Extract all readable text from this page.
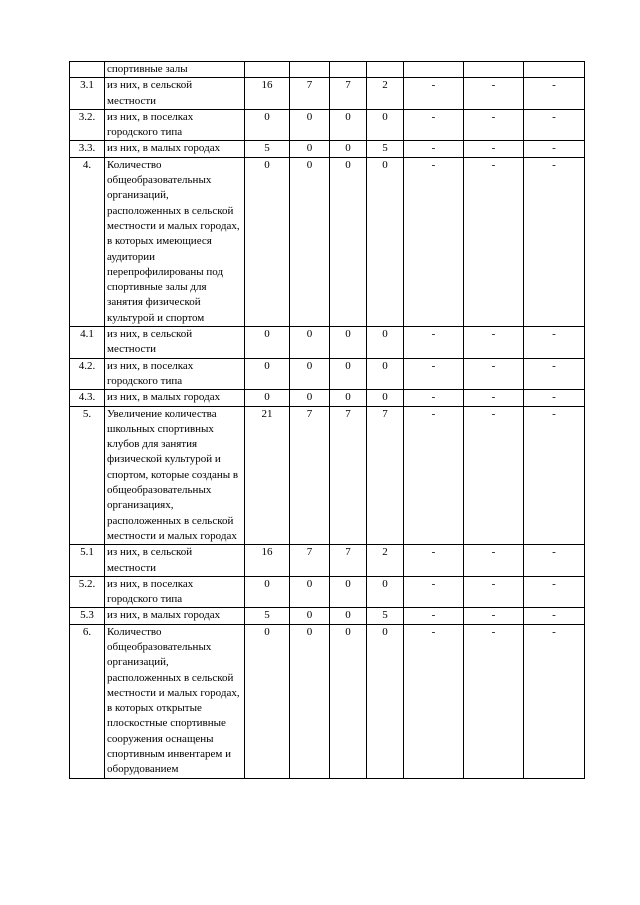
	спортивные залы							
3.1	из них, в сельской местности	16	7	7	2	-	-	-
3.2.	из них, в поселках городского типа	0	0	0	0	-	-	-
3.3.	из них, в малых городах	5	0	0	5	-	-	-
4.	Количество общеобразовательных организаций, расположенных в сельской местности и малых городах, в которых имеющиеся аудитории перепрофилированы под спортивные залы для занятия физической культурой и спортом	0	0	0	0	-	-	-
4.1	из них, в сельской местности	0	0	0	0	-	-	-
4.2.	из них, в поселках городского типа	0	0	0	0	-	-	-
4.3.	из них, в малых городах	0	0	0	0	-	-	-
5.	Увеличение количества школьных спортивных клубов для занятия физической культурой и спортом, которые созданы в общеобразовательных организациях, расположенных в сельской местности и малых городах	21	7	7	7	-	-	-
5.1	из них, в сельской местности	16	7	7	2	-	-	-
5.2.	из них, в поселках городского типа	0	0	0	0	-	-	-
5.3	из них, в малых городах	5	0	0	5	-	-	-
6.	Количество общеобразовательных организаций, расположенных в сельской местности и малых городах, в которых открытые плоскостные спортивные сооружения оснащены спортивным инвентарем и оборудованием	0	0	0	0	-	-	-
